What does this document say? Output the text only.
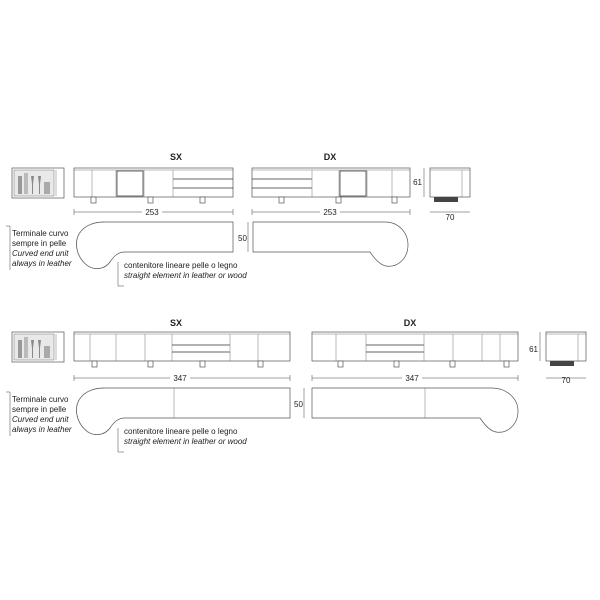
SX	DX
253	253
61
70
50
Terminale curvo
sempre in pelle
Curved end unit
always in leather	contenitore lineare pelle o legno
straight element in leather or wood
SX	DX
347	347
61
70
50
Terminale curvo
sempre in pelle
Curved end unit
always in leather	contenitore lineare pelle o legno
straight element in leather or wood
